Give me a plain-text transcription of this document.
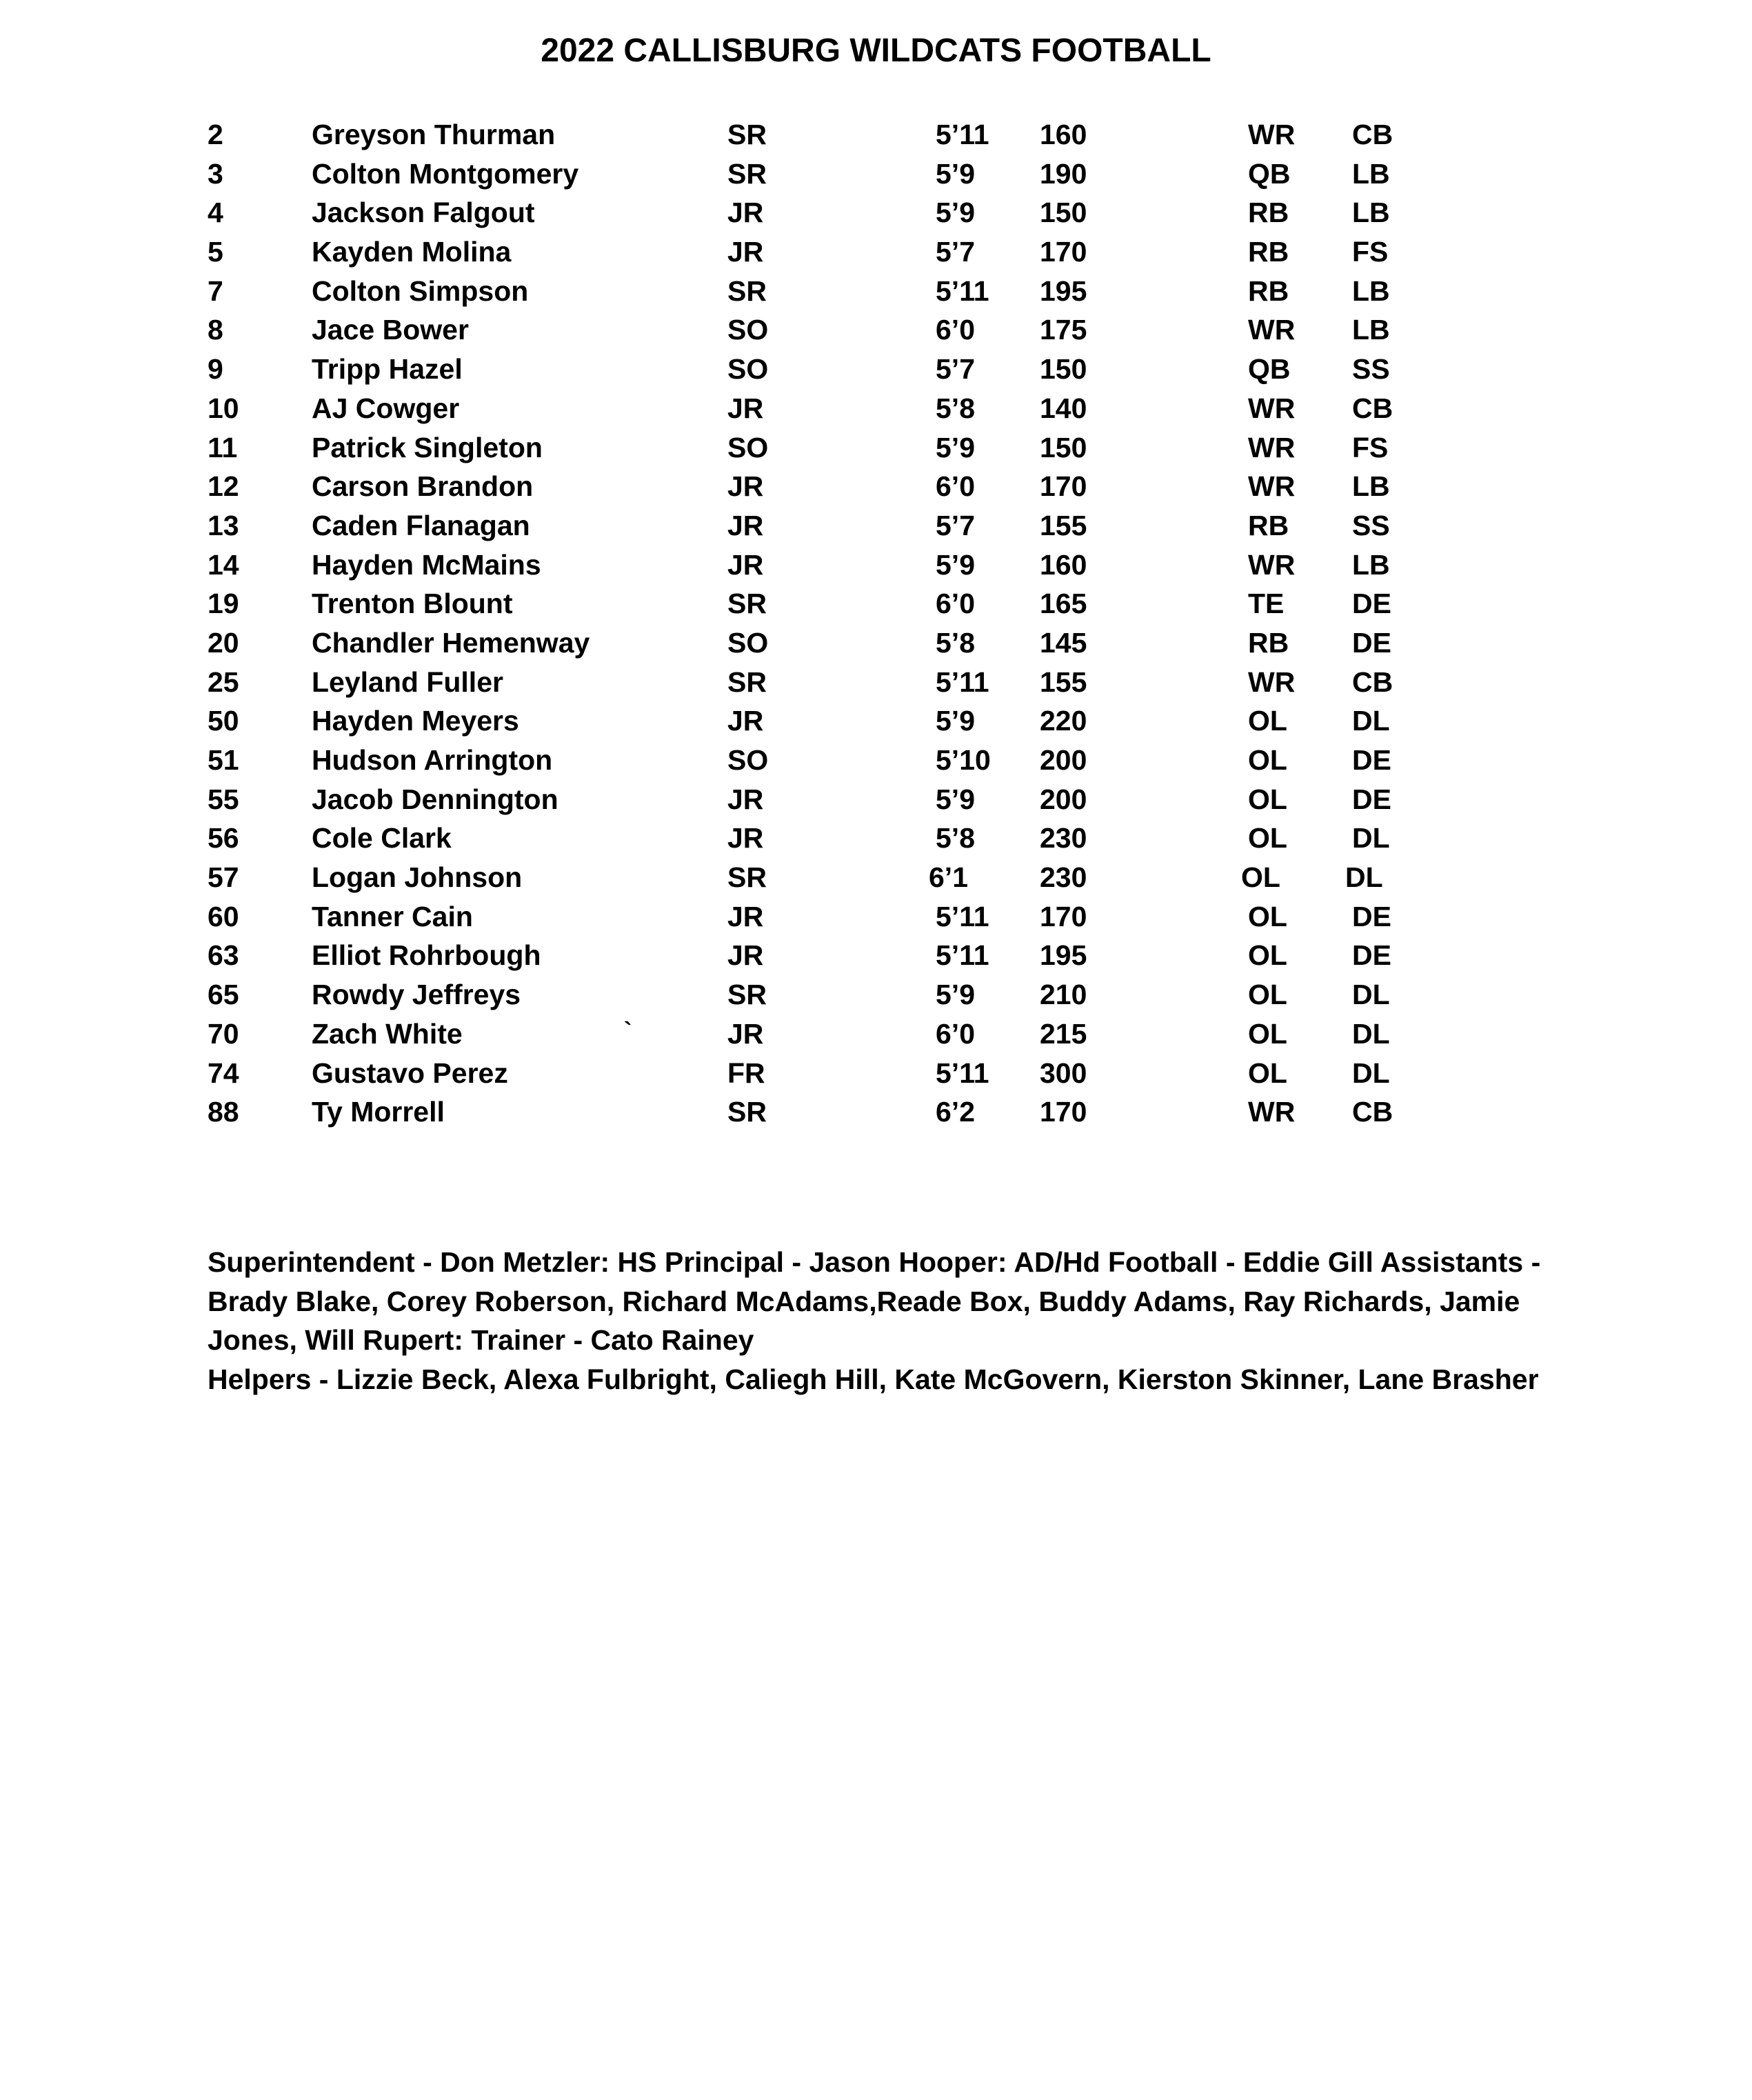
2022 CALLISBURG WILDCATS FOOTBALL
2	Greyson Thurman	SR	5’11 160	WR CB
3	Colton Montgomery	SR	5’9 190	QB LB
4	Jackson Falgout	JR	5’9 150	RB LB
5	Kayden Molina	JR	5’7 170	RB FS
7	Colton Simpson	SR	5’11 195	RB LB
8	Jace Bower	SO	6’0 175	WR LB
9	Tripp Hazel	SO	5’7 150	QB SS
10	AJ Cowger	JR	5’8 140	WR CB
11	Patrick Singleton	SO	5’9 150	WR FS
12	Carson Brandon	JR	6’0 170	WR LB
13	Caden Flanagan	JR	5’7 155	RB SS
14	Hayden McMains	JR	5’9 160	WR LB
19	Trenton Blount	SR	6’0 165	TE DE
20	Chandler Hemenway	SO	5’8 145	RB DE
25	Leyland Fuller	SR	5’11 155	WR CB
50	Hayden Meyers	JR	5’9 220	OL DL
51	Hudson Arrington	SO	5’10 200	OL DE
55	Jacob Dennington	JR	5’9 200	OL DE
56	Cole Clark	JR	5’8 230	OL DL
57	Logan Johnson	SR	6’1	230	OL DL
60	Tanner Cain	JR	5’11 170	OL DE
63	Elliot Rohrbough	JR	5’11 195	OL DE
65	Rowdy Jeffreys	SR	5’9 210	OL DL
70	Zach White	JR	6’0 215	OL DL
74	Gustavo Perez	FR	5’11 300	OL DL
88	Ty Morrell	SR	6’2 170	WR CB
`

Superintendent - Don Metzler: HS Principal - Jason Hooper: AD/Hd Football - Eddie Gill Assistants - Brady Blake, Corey Roberson, Richard McAdams,Reade Box, Buddy Adams, Ray Richards, Jamie Jones, Will Rupert: Trainer - Cato Rainey

Helpers - Lizzie Beck, Alexa Fulbright, Caliegh Hill, Kate McGovern, Kierston Skinner, Lane Brasher
